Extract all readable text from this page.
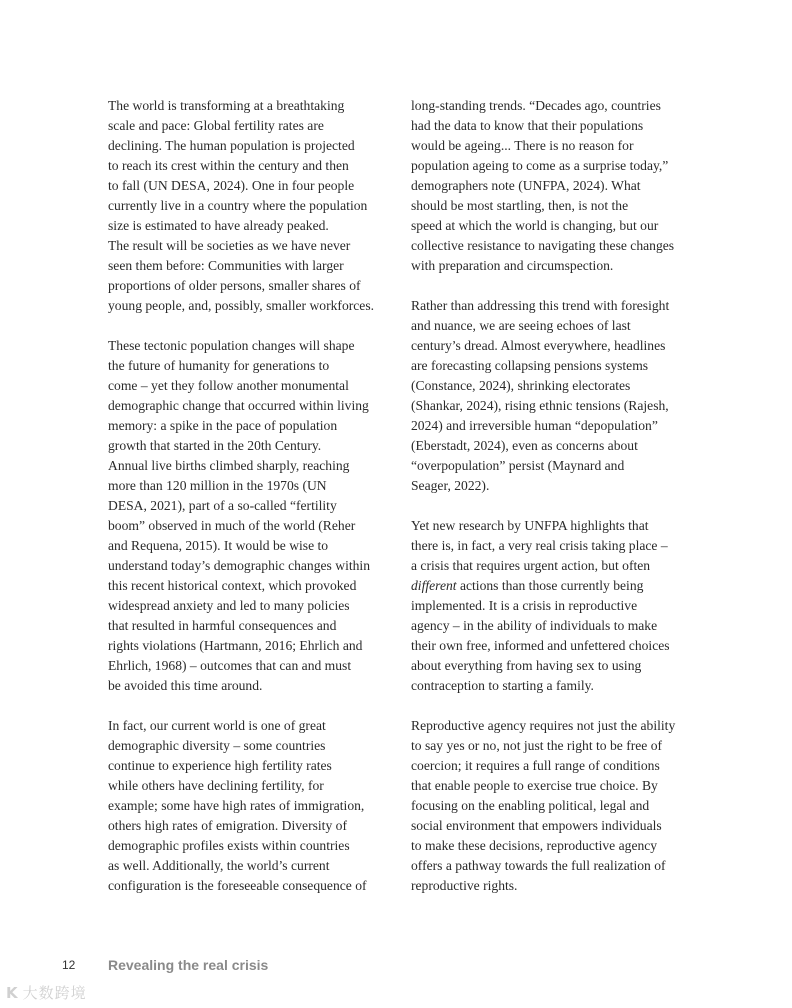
The world is transforming at a breathtaking
scale and pace: Global fertility rates are
declining. The human population is projected
to reach its crest within the century and then
to fall (UN DESA, 2024). One in four people
currently live in a country where the population
size is estimated to have already peaked.
The result will be societies as we have never
seen them before: Communities with larger
proportions of older persons, smaller shares of
young people, and, possibly, smaller workforces.
These tectonic population changes will shape
the future of humanity for generations to
come – yet they follow another monumental
demographic change that occurred within living
memory: a spike in the pace of population
growth that started in the 20th Century.
Annual live births climbed sharply, reaching
more than 120 million in the 1970s (UN
DESA, 2021), part of a so-called “fertility
boom” observed in much of the world (Reher
and Requena, 2015). It would be wise to
understand today’s demographic changes within
this recent historical context, which provoked
widespread anxiety and led to many policies
that resulted in harmful consequences and
rights violations (Hartmann, 2016; Ehrlich and
Ehrlich, 1968) – outcomes that can and must
be avoided this time around.
In fact, our current world is one of great
demographic diversity – some countries
continue to experience high fertility rates
while others have declining fertility, for
example; some have high rates of immigration,
others high rates of emigration. Diversity of
demographic profiles exists within countries
as well. Additionally, the world’s current
configuration is the foreseeable consequence of
long-standing trends. “Decades ago, countries
had the data to know that their populations
would be ageing... There is no reason for
population ageing to come as a surprise today,”
demographers note (UNFPA, 2024). What
should be most startling, then, is not the
speed at which the world is changing, but our
collective resistance to navigating these changes
with preparation and circumspection.
Rather than addressing this trend with foresight
and nuance, we are seeing echoes of last
century’s dread. Almost everywhere, headlines
are forecasting collapsing pensions systems
(Constance, 2024), shrinking electorates
(Shankar, 2024), rising ethnic tensions (Rajesh,
2024) and irreversible human “depopulation”
(Eberstadt, 2024), even as concerns about
“overpopulation” persist (Maynard and
Seager, 2022).
Yet new research by UNFPA highlights that
there is, in fact, a very real crisis taking place –
a crisis that requires urgent action, but often
different actions than those currently being
implemented. It is a crisis in reproductive
agency – in the ability of individuals to make
their own free, informed and unfettered choices
about everything from having sex to using
contraception to starting a family.
Reproductive agency requires not just the ability
to say yes or no, not just the right to be free of
coercion; it requires a full range of conditions
that enable people to exercise true choice. By
focusing on the enabling political, legal and
social environment that empowers individuals
to make these decisions, reproductive agency
offers a pathway towards the full realization of
reproductive rights.
12 Revealing the real crisis
K 大数跨境
